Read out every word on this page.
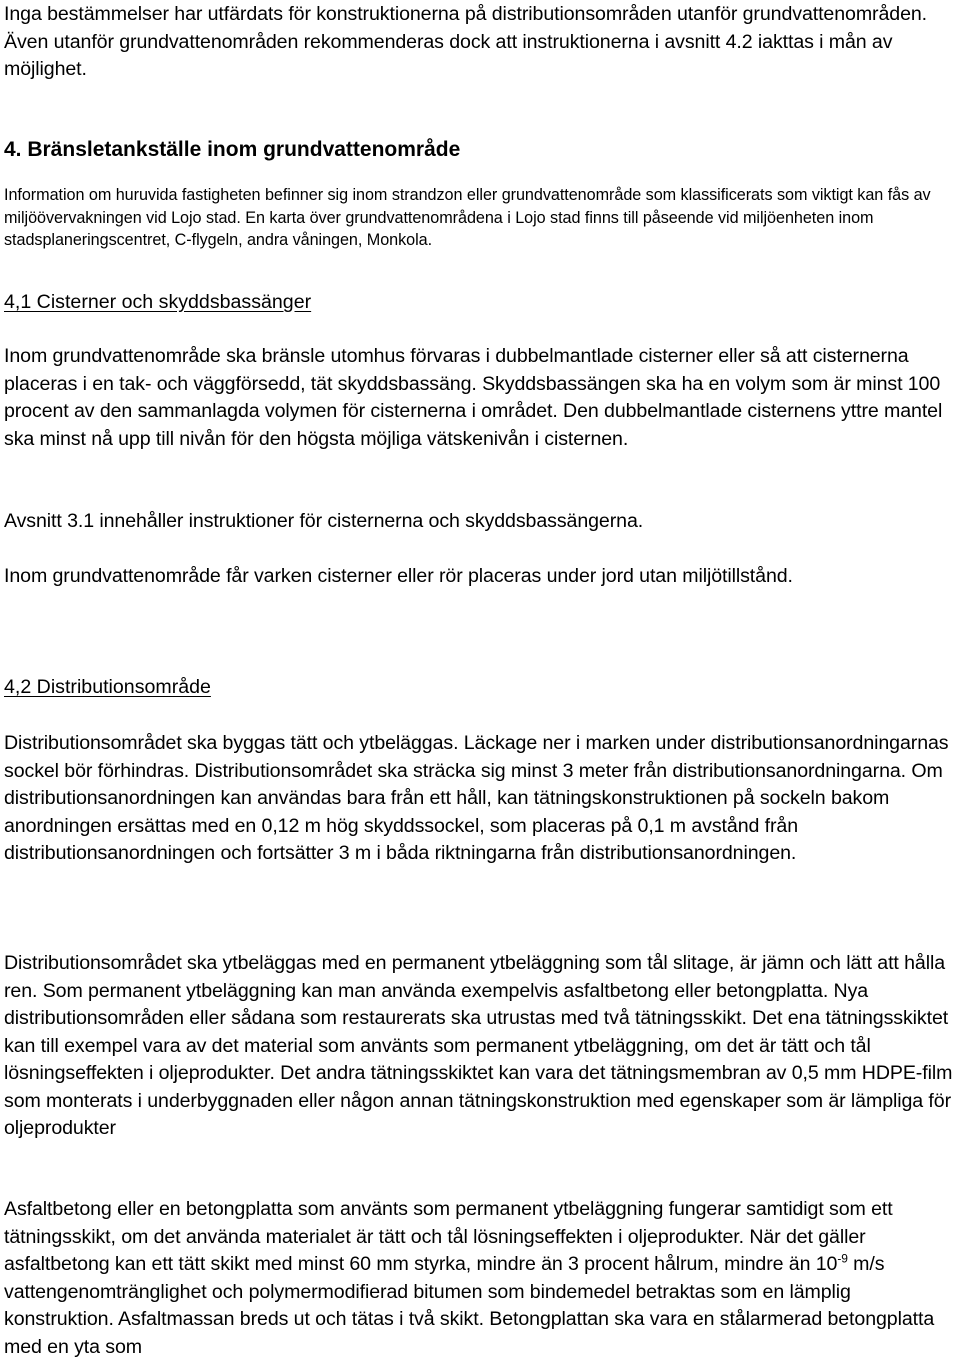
Inga bestämmelser har utfärdats för konstruktionerna på distributionsområden utanför grundvattenområden. Även utanför grundvattenområden rekommenderas dock att instruktionerna i avsnitt 4.2 iakttas i mån av möjlighet.

4. Bränsletankställe inom grundvattenområde

Information om huruvida fastigheten befinner sig inom strandzon eller grundvattenområde som klassificerats som viktigt kan fås av miljöövervakningen vid Lojo stad. En karta över grundvattenområdena i Lojo stad finns till påseende vid miljöenheten inom stadsplaneringscentret, C-flygeln, andra våningen, Monkola.

4,1 Cisterner och skyddsbassänger

Inom grundvattenområde ska bränsle utomhus förvaras i dubbelmantlade cisterner eller så att cisternerna placeras i en tak- och väggförsedd, tät skyddsbassäng. Skyddsbassängen ska ha en volym som är minst 100 procent av den sammanlagda volymen för cisternerna i området. Den dubbelmantlade cisternens yttre mantel ska minst nå upp till nivån för den högsta möjliga vätskenivån i cisternen.

Avsnitt 3.1 innehåller instruktioner för cisternerna och skyddsbassängerna.

Inom grundvattenområde får varken cisterner eller rör placeras under jord utan miljötillstånd.

4,2 Distributionsområde

Distributionsområdet ska byggas tätt och ytbeläggas. Läckage ner i marken under distributionsanordningarnas sockel bör förhindras. Distributionsområdet ska sträcka sig minst 3 meter från distributionsanordningarna. Om distributionsanordningen kan användas bara från ett håll, kan tätningskonstruktionen på sockeln bakom anordningen ersättas med en 0,12 m hög skyddssockel, som placeras på 0,1 m avstånd från distributionsanordningen och fortsätter 3 m i båda riktningarna från distributionsanordningen.

Distributionsområdet ska ytbeläggas med en permanent ytbeläggning som tål slitage, är jämn och lätt att hålla ren. Som permanent ytbeläggning kan man använda exempelvis asfaltbetong eller betongplatta. Nya distributionsområden eller sådana som restaurerats ska utrustas med två tätningsskikt. Det ena tätningsskiktet kan till exempel vara av det material som använts som permanent ytbeläggning, om det är tätt och tål lösningseffekten i oljeprodukter. Det andra tätningsskiktet kan vara det tätningsmembran av 0,5 mm HDPE-film som monterats i underbyggnaden eller någon annan tätningskonstruktion med egenskaper som är lämpliga för oljeprodukter

Asfaltbetong eller en betongplatta som använts som permanent ytbeläggning fungerar samtidigt som ett tätningsskikt, om det använda materialet är tätt och tål lösningseffekten i oljeprodukter. När det gäller asfaltbetong kan ett tätt skikt med minst 60 mm styrka, mindre än 3 procent hålrum, mindre än $10^{-9}$ m/s vattengenomtränglighet och polymermodifierad bitumen som bindemedel betraktas som en lämplig konstruktion. Asfaltmassan breds ut och tätas i två skikt. Betongplattan ska vara en stålarmerad betongplatta med en yta som
